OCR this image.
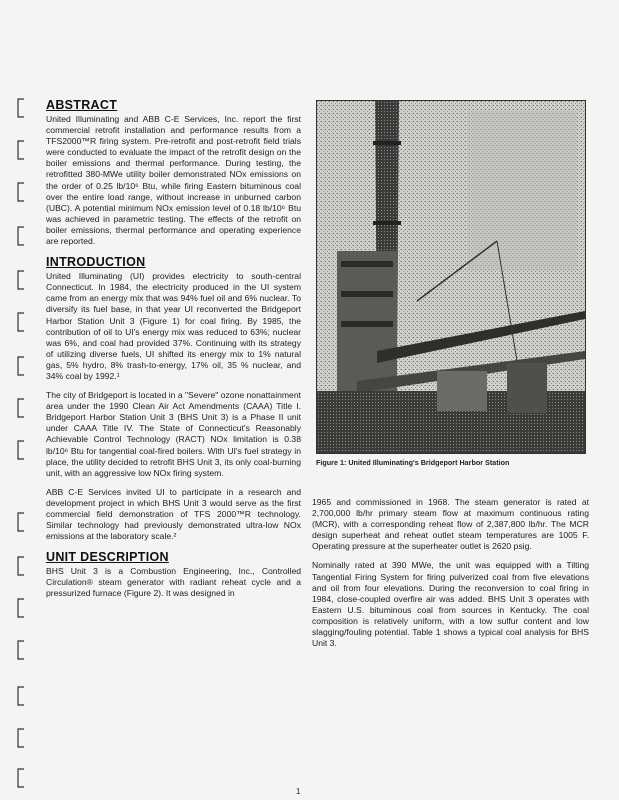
ABSTRACT

United Illuminating and ABB C-E Services, Inc. report the first commercial retrofit installation and performance results from a TFS2000™R firing system. Pre-retrofit and post-retrofit field trials were conducted to evaluate the impact of the retrofit design on the boiler emissions and thermal performance. During testing, the retrofitted 380-MWe utility boiler demonstrated NOx emissions on the order of 0.25 lb/10⁶ Btu, while firing Eastern bituminous coal over the entire load range, without increase in unburned carbon (UBC). A potential minimum NOx emission level of 0.18 lb/10⁶ Btu was achieved in parametric testing. The effects of the retrofit on boiler emissions, thermal performance and operating experience are reported.

INTRODUCTION

United Illuminating (UI) provides electricity to south-central Connecticut. In 1984, the electricity produced in the UI system came from an energy mix that was 94% fuel oil and 6% nuclear. To diversify its fuel base, in that year UI reconverted the Bridgeport Harbor Station Unit 3 (Figure 1) for coal firing. By 1985, the contribution of oil to UI's energy mix was reduced to 63%; nuclear was 6%, and coal had provided 37%. Continuing with its strategy of utilizing diverse fuels, UI shifted its energy mix to 1% natural gas, 5% hydro, 8% trash-to-energy, 17% oil, 35 % nuclear, and 34% coal by 1992.¹

The city of Bridgeport is located in a "Severe" ozone nonattainment area under the 1990 Clean Air Act Amendments (CAAA) Title I. Bridgeport Harbor Station Unit 3 (BHS Unit 3) is a Phase II unit under CAAA Title IV. The State of Connecticut's Reasonably Achievable Control Technology (RACT) NOx limitation is 0.38 lb/10⁶ Btu for tangential coal-fired boilers. With UI's fuel strategy in place, the utility decided to retrofit BHS Unit 3, its only coal-burning unit, with an aggressive low NOx firing system.

ABB C-E Services invited UI to participate in a research and development project in which BHS Unit 3 would serve as the first commercial field demonstration of TFS 2000™R technology. Similar technology had previously demonstrated ultra-low NOx emissions at the laboratory scale.²

UNIT DESCRIPTION

BHS Unit 3 is a Combustion Engineering, Inc., Controlled Circulation® steam generator with radiant reheat cycle and a pressurized furnace (Figure 2). It was designed in

Figure 1: United Illuminating's Bridgeport Harbor Station

1965 and commissioned in 1968. The steam generator is rated at 2,700,000 lb/hr primary steam flow at maximum continuous rating (MCR), with a corresponding reheat flow of 2,387,800 lb/hr. The MCR design superheat and reheat outlet steam temperatures are 1005 F. Operating pressure at the superheater outlet is 2620 psig.

Nominally rated at 390 MWe, the unit was equipped with a Tilting Tangential Firing System for firing pulverized coal from five elevations and oil from four elevations. During the reconversion to coal firing in 1984, close-coupled overfire air was added. BHS Unit 3 operates with Eastern U.S. bituminous coal from sources in Kentucky. The coal composition is relatively uniform, with a low sulfur content and low slagging/fouling potential. Table 1 shows a typical coal analysis for BHS Unit 3.

1
